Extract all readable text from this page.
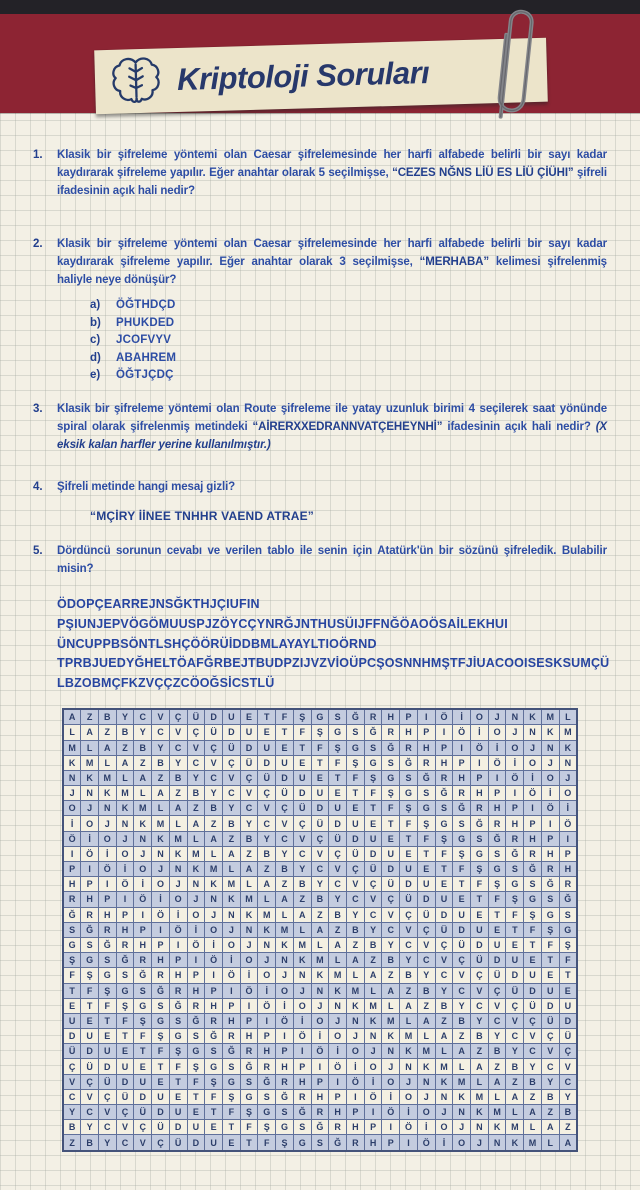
Kriptoloji Soruları
1.	Klasik bir şifreleme yöntemi olan Caesar şifrelemesinde her harfi alfabede belirli bir sayı kadar kaydırarak şifreleme yapılır. Eğer anahtar olarak 5 seçilmişse, “CEZES NĞNS LİÜ ES LİÜ ÇİÜHI” şifreli ifadesinin açık hali nedir?
2.	Klasik bir şifreleme yöntemi olan Caesar şifrelemesinde her harfi alfabede belirli bir sayı kadar kaydırarak şifreleme yapılır. Eğer anahtar olarak 3 seçilmişse, “MERHABA” kelimesi şifrelenmiş haliyle neye dönüşür?
a)	ÖĞTHDÇD
b)	PHUKDED
c)	JCOFVYV
d)	ABAHREM
e)	ÖĞTJÇDÇ
3.	Klasik bir şifreleme yöntemi olan Route şifreleme ile yatay uzunluk birimi 4 seçilerek saat yönünde spiral olarak şifrelenmiş metindeki “AİRERXXEDRANNVATÇEHEYNHİ” ifadesinin açık hali nedir? (X eksik kalan harfler yerine kullanılmıştır.)
4.	Şifreli metinde hangi mesaj gizli?
“MÇİRY İİNEE TNHHR VAEND ATRAE”
5.	Dördüncü sorunun cevabı ve verilen tablo ile senin için Atatürk'ün bir sözünü şifreledik. Bulabilir misin?
ÖDOPÇEARREJNSĞKTHJÇIUFIN
PŞIUNJEPVÖGÖMUUSPJZÖYCÇYNRĞJNTHUSÜIJFFNĞÖAOÖSAİLEKHUI
ÜNCUPPBSÖNTLSHÇÖÖRÜİDDBMLAYAYLTIOÖRND
TPRBJUEDYĞHELTÖAFĞRBEJTBUDPZIJVZVİOÜPCŞOSNNHMŞTFJİUACOOISESKSUMÇÜ
LBZOBMÇFKZVÇÇZCÖOĞSİCSTLÜ
A	Z	B	Y	C	V	Ç	Ü	D	U	E	T	F	Ş	G	S	Ğ	R	H	P	I	Ö	İ	O	J	N	K	M	L
L	A	Z	B	Y	C	V	Ç	Ü	D	U	E	T	F	Ş	G	S	Ğ	R	H	P	I	Ö	İ	O	J	N	K	M
M	L	A	Z	B	Y	C	V	Ç	Ü	D	U	E	T	F	Ş	G	S	Ğ	R	H	P	I	Ö	İ	O	J	N	K
K	M	L	A	Z	B	Y	C	V	Ç	Ü	D	U	E	T	F	Ş	G	S	Ğ	R	H	P	I	Ö	İ	O	J	N
N	K	M	L	A	Z	B	Y	C	V	Ç	Ü	D	U	E	T	F	Ş	G	S	Ğ	R	H	P	I	Ö	İ	O	J
J	N	K	M	L	A	Z	B	Y	C	V	Ç	Ü	D	U	E	T	F	Ş	G	S	Ğ	R	H	P	I	Ö	İ	O
O	J	N	K	M	L	A	Z	B	Y	C	V	Ç	Ü	D	U	E	T	F	Ş	G	S	Ğ	R	H	P	I	Ö	İ
İ	O	J	N	K	M	L	A	Z	B	Y	C	V	Ç	Ü	D	U	E	T	F	Ş	G	S	Ğ	R	H	P	I	Ö
Ö	İ	O	J	N	K	M	L	A	Z	B	Y	C	V	Ç	Ü	D	U	E	T	F	Ş	G	S	Ğ	R	H	P	I
I	Ö	İ	O	J	N	K	M	L	A	Z	B	Y	C	V	Ç	Ü	D	U	E	T	F	Ş	G	S	Ğ	R	H	P
P	I	Ö	İ	O	J	N	K	M	L	A	Z	B	Y	C	V	Ç	Ü	D	U	E	T	F	Ş	G	S	Ğ	R	H
H	P	I	Ö	İ	O	J	N	K	M	L	A	Z	B	Y	C	V	Ç	Ü	D	U	E	T	F	Ş	G	S	Ğ	R
R	H	P	I	Ö	İ	O	J	N	K	M	L	A	Z	B	Y	C	V	Ç	Ü	D	U	E	T	F	Ş	G	S	Ğ
Ğ	R	H	P	I	Ö	İ	O	J	N	K	M	L	A	Z	B	Y	C	V	Ç	Ü	D	U	E	T	F	Ş	G	S
S	Ğ	R	H	P	I	Ö	İ	O	J	N	K	M	L	A	Z	B	Y	C	V	Ç	Ü	D	U	E	T	F	Ş	G
G	S	Ğ	R	H	P	I	Ö	İ	O	J	N	K	M	L	A	Z	B	Y	C	V	Ç	Ü	D	U	E	T	F	Ş
Ş	G	S	Ğ	R	H	P	I	Ö	İ	O	J	N	K	M	L	A	Z	B	Y	C	V	Ç	Ü	D	U	E	T	F
F	Ş	G	S	Ğ	R	H	P	I	Ö	İ	O	J	N	K	M	L	A	Z	B	Y	C	V	Ç	Ü	D	U	E	T
T	F	Ş	G	S	Ğ	R	H	P	I	Ö	İ	O	J	N	K	M	L	A	Z	B	Y	C	V	Ç	Ü	D	U	E
E	T	F	Ş	G	S	Ğ	R	H	P	I	Ö	İ	O	J	N	K	M	L	A	Z	B	Y	C	V	Ç	Ü	D	U
U	E	T	F	Ş	G	S	Ğ	R	H	P	I	Ö	İ	O	J	N	K	M	L	A	Z	B	Y	C	V	Ç	Ü	D
D	U	E	T	F	Ş	G	S	Ğ	R	H	P	I	Ö	İ	O	J	N	K	M	L	A	Z	B	Y	C	V	Ç	Ü
Ü	D	U	E	T	F	Ş	G	S	Ğ	R	H	P	I	Ö	İ	O	J	N	K	M	L	A	Z	B	Y	C	V	Ç
Ç	Ü	D	U	E	T	F	Ş	G	S	Ğ	R	H	P	I	Ö	İ	O	J	N	K	M	L	A	Z	B	Y	C	V
V	Ç	Ü	D	U	E	T	F	Ş	G	S	Ğ	R	H	P	I	Ö	İ	O	J	N	K	M	L	A	Z	B	Y	C
C	V	Ç	Ü	D	U	E	T	F	Ş	G	S	Ğ	R	H	P	I	Ö	İ	O	J	N	K	M	L	A	Z	B	Y
Y	C	V	Ç	Ü	D	U	E	T	F	Ş	G	S	Ğ	R	H	P	I	Ö	İ	O	J	N	K	M	L	A	Z	B
B	Y	C	V	Ç	Ü	D	U	E	T	F	Ş	G	S	Ğ	R	H	P	I	Ö	İ	O	J	N	K	M	L	A	Z
Z	B	Y	C	V	Ç	Ü	D	U	E	T	F	Ş	G	S	Ğ	R	H	P	I	Ö	İ	O	J	N	K	M	L	A
